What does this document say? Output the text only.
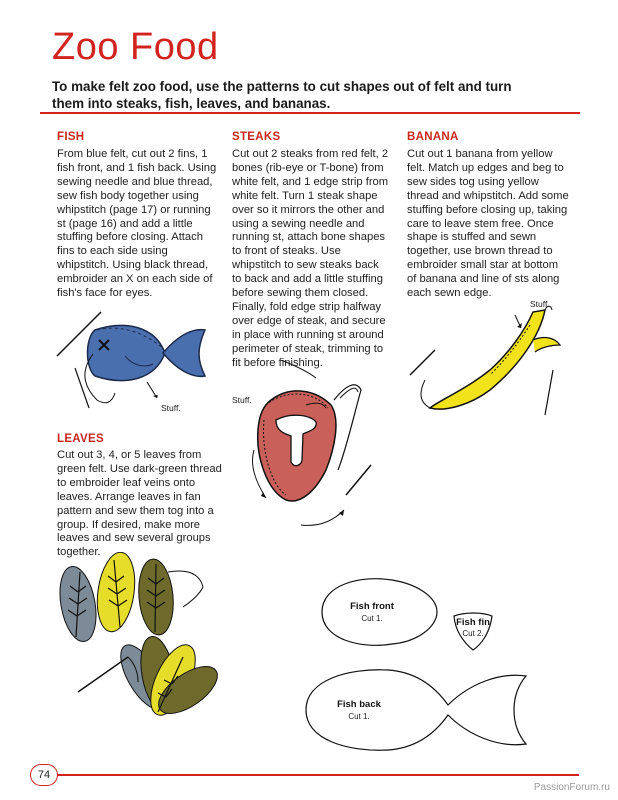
Zoo Food
To make felt zoo food, use the patterns to cut shapes out of felt and turn them into steaks, fish, leaves, and bananas.
FISH
From blue felt, cut out 2 fins, 1 fish front, and 1 fish back. Using sewing needle and blue thread, sew fish body together using whipstitch (page 17) or running st (page 16) and add a little stuffing before closing. Attach fins to each side using whipstitch. Using black thread, embroider an X on each side of fish's face for eyes.
STEAKS
Cut out 2 steaks from red felt, 2 bones (rib-eye or T-bone) from white felt, and 1 edge strip from white felt. Turn 1 steak shape over so it mirrors the other and using a sewing needle and running st, attach bone shapes to front of steaks. Use whipstitch to sew steaks back to back and add a little stuffing before sewing them closed. Finally, fold edge strip halfway over edge of steak, and secure in place with running st around perimeter of steak, trimming to fit before finishing.
BANANA
Cut out 1 banana from yellow felt. Match up edges and beg to sew sides tog using yellow thread and whipstitch. Add some stuffing before closing up, taking care to leave stem free. Once shape is stuffed and sewn together, use brown thread to embroider small star at bottom of banana and line of sts along each sewn edge.
LEAVES
Cut out 3, 4, or 5 leaves from green felt. Use dark-green thread to embroider leaf veins onto leaves. Arrange leaves in fan pattern and sew them tog into a group. If desired, make more leaves and sew several groups together.
Stuff.
Stuff.
Stuff.
Fish front
Cut 1.	Fish fin
Cut 2.
Fish back
Cut 1.
74
PassionForum.ru
